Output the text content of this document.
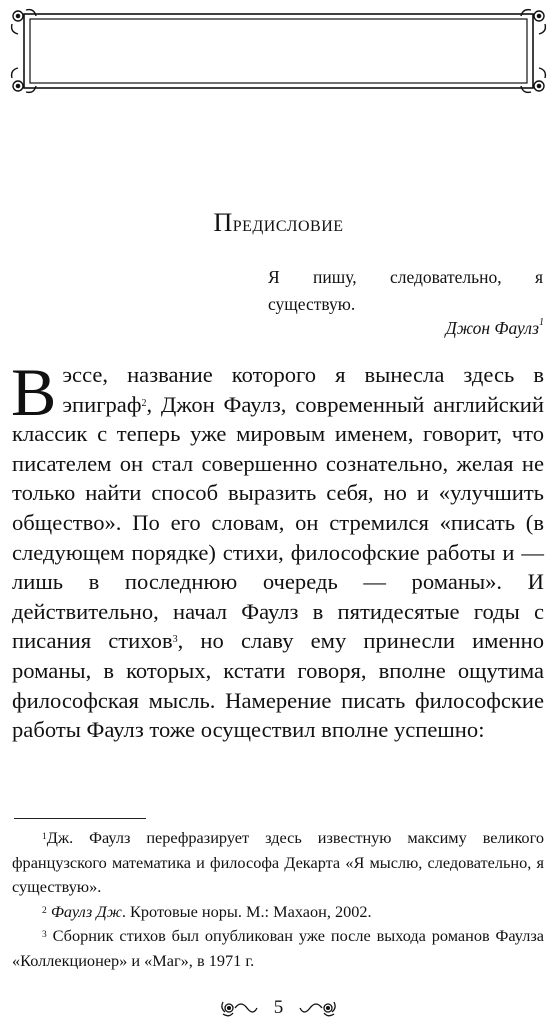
Предисловие
Я пишу, следовательно, я существую.
Джон Фаулз$^1$

В эссе, название которого я вынесла здесь в эпиграф$^2$, Джон Фаулз, современный английский классик с теперь уже мировым именем, говорит, что писателем он стал совершенно сознательно, желая не только найти способ выразить себя, но и «улучшить общество». По его словам, он стремился «писать (в следующем порядке) стихи, философские работы и — лишь в последнюю очередь — романы». И действительно, начал Фаулз в пятидесятые годы с писания стихов$^3$, но славу ему принесли именно романы, в которых, кстати говоря, вполне ощутима философская мысль. Намерение писать философские работы Фаулз тоже осуществил вполне успешно:

$^1$Дж. Фаулз перефразирует здесь известную максиму великого французского математика и философа Декарта «Я мыслю, следовательно, я существую».

$^2$ Фаулз Дж. Кротовые норы. М.: Махаон, 2002.

$^3$ Сборник стихов был опубликован уже после выхода романов Фаулза «Коллекционер» и «Маг», в 1971 г.

5
